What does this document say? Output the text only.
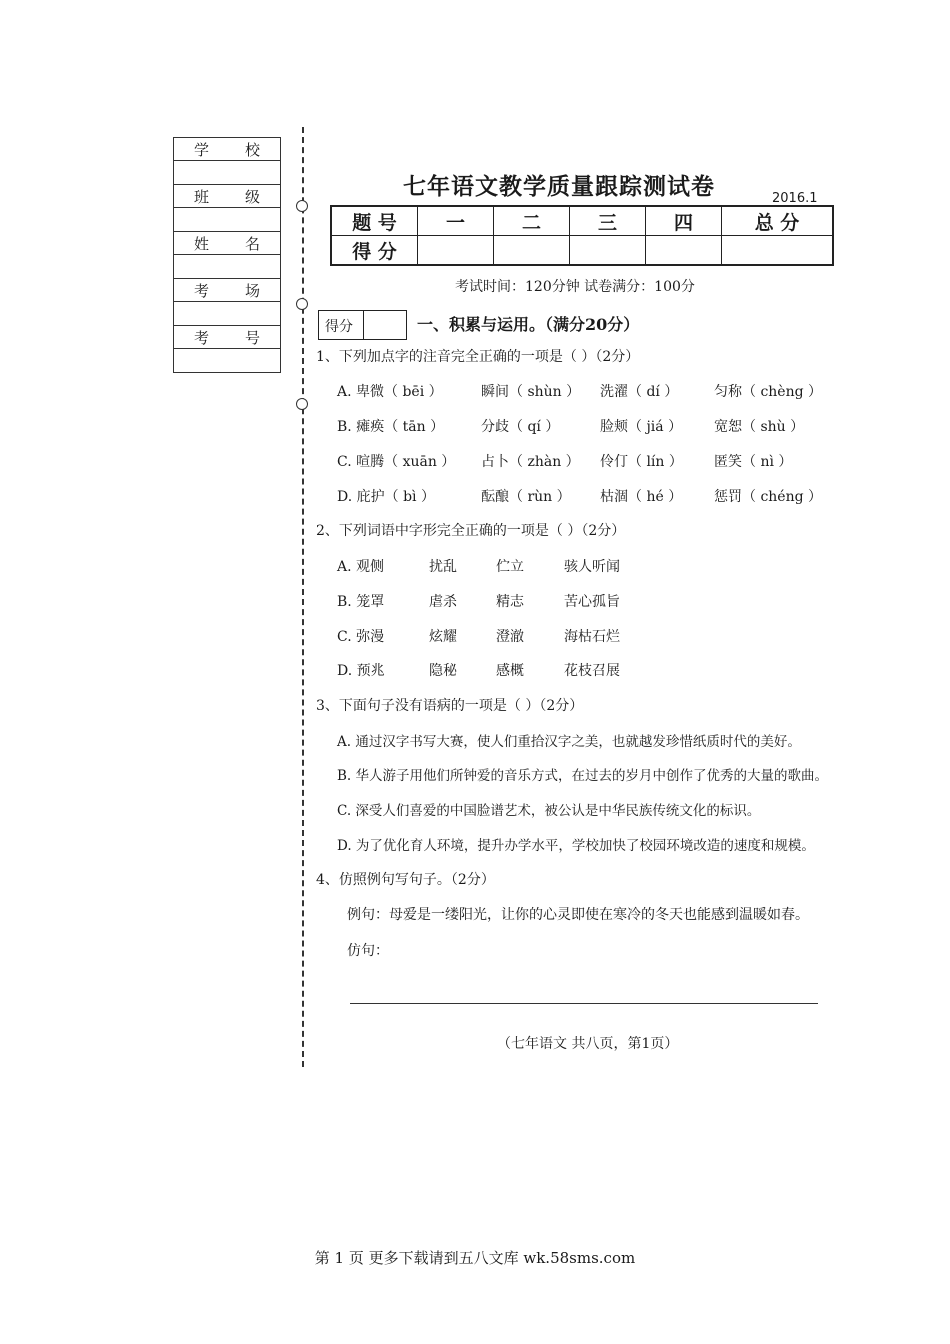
学 校
班 级
姓 名
考 场
考 号
七年语文教学质量跟踪测试卷	2016.1
题 号	一	二	三	四	总 分
得 分					
考试时间：120分钟 试卷满分：100分
得分	一、积累与运用。（满分20分）
1、下列加点字的注音完全正确的一项是（ ）（2分）
A. 卑微（ bēi ）	瞬间（ shùn ） 洗濯（ dí ）	匀称（ chèng ）
B. 瘫痪（ tān ）	分歧（ qí ）	脸颊（ jiá ） 宽恕（ shù ）
C. 喧腾（ xuān ） 占卜（ zhàn ） 伶仃（ lín ） 匿笑（ nì ）
D. 庇护（ bì ）	酝酿（ rùn ） 枯涸（ hé ） 惩罚（ chéng ）
2、下列词语中字形完全正确的一项是（ ）（2分）
A. 观侧	扰乱	伫立	骇人听闻
B. 笼罩	虐杀	精志	苦心孤旨
C. 弥漫	炫耀	澄澈	海枯石烂
D. 预兆	隐秘	感概	花枝召展
3、下面句子没有语病的一项是（ ）（2分）
A. 通过汉字书写大赛，使人们重拾汉字之美，也就越发珍惜纸质时代的美好。
B. 华人游子用他们所钟爱的音乐方式，在过去的岁月中创作了优秀的大量的歌曲。
C. 深受人们喜爱的中国脸谱艺术，被公认是中华民族传统文化的标识。
D. 为了优化育人环境，提升办学水平，学校加快了校园环境改造的速度和规模。
4、仿照例句写句子。（2分）
例句：母爱是一缕阳光，让你的心灵即使在寒冷的冬天也能感到温暖如春。
仿句：
（七年语文 共八页，第1页）
第 1 页 更多下载请到五八文库 wk.58sms.com
